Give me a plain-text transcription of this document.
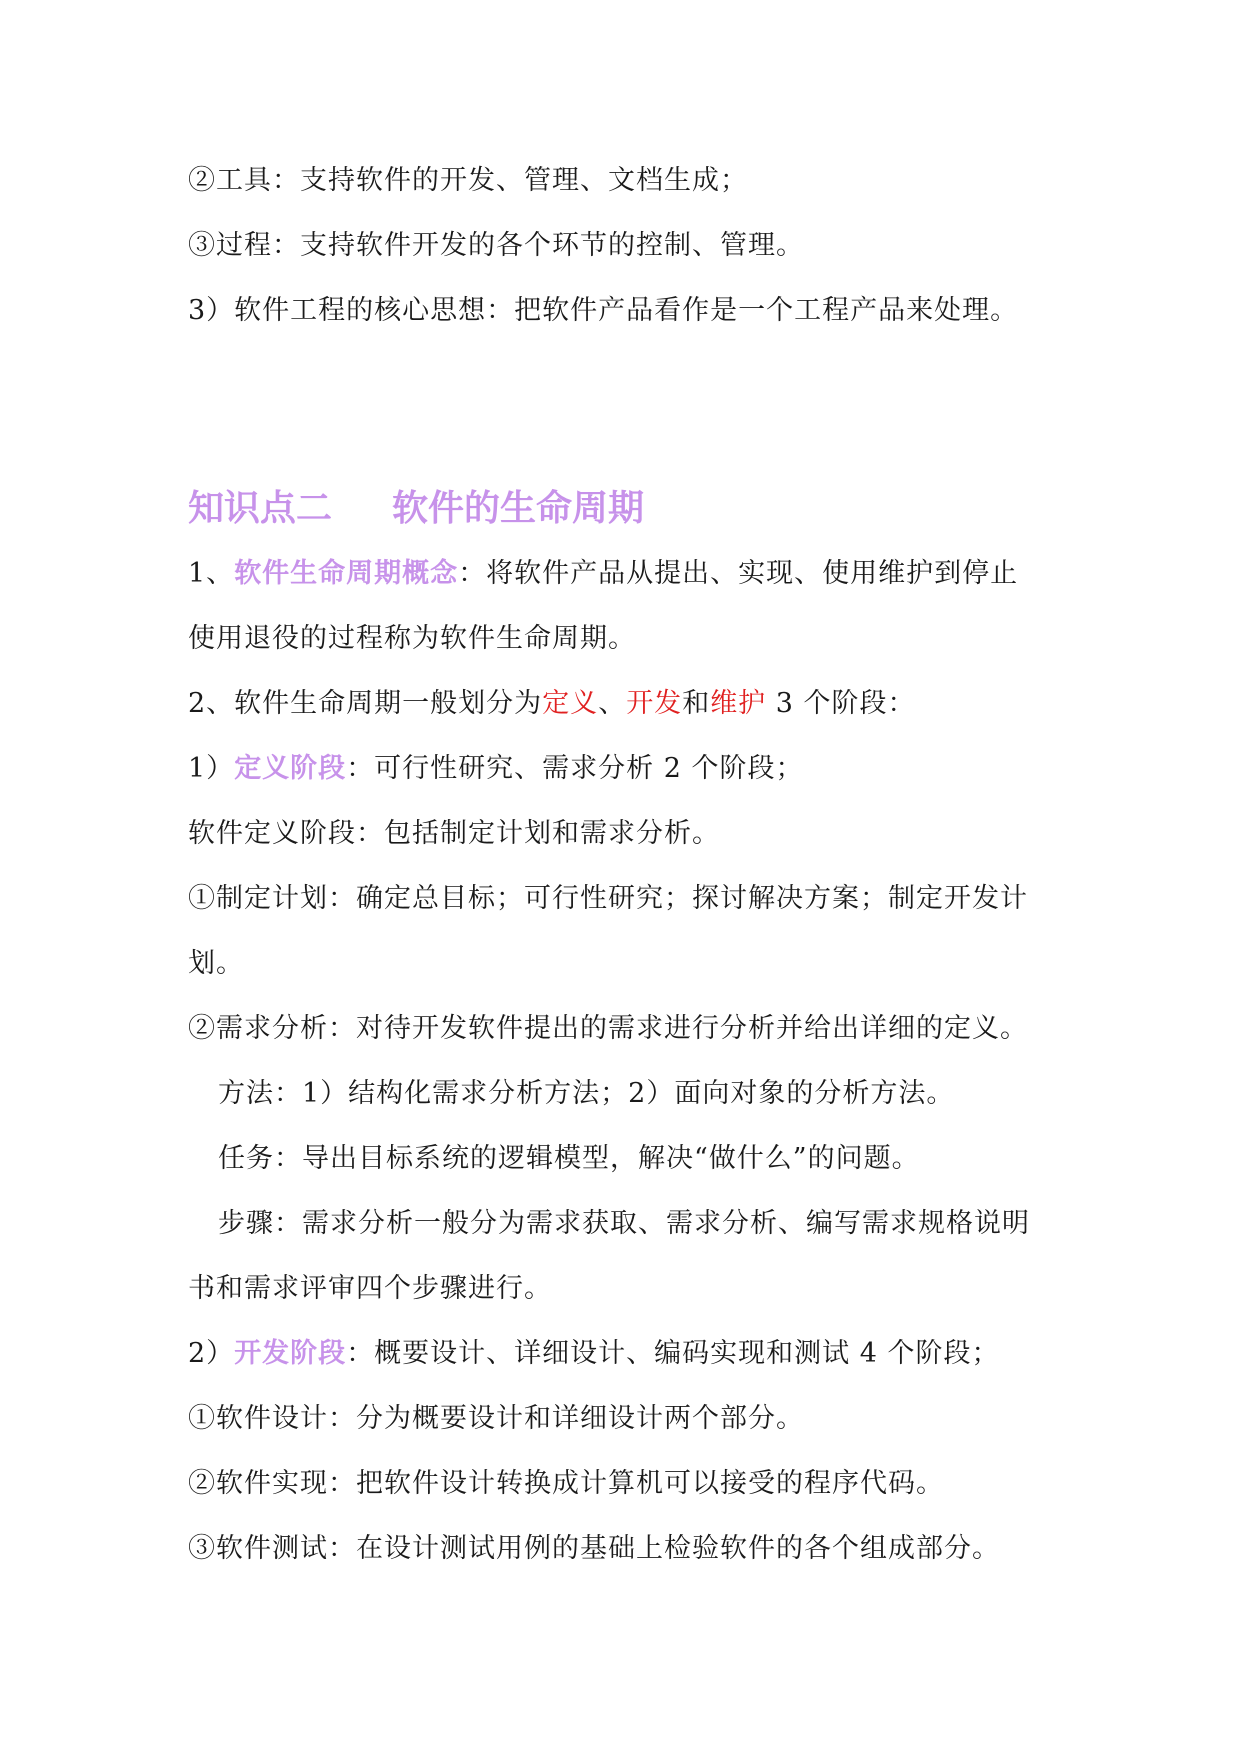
②工具：支持软件的开发、管理、文档生成；
③过程：支持软件开发的各个环节的控制、管理。
3）软件工程的核心思想：把软件产品看作是一个工程产品来处理。
知识点二 软件的生命周期
1、软件生命周期概念：将软件产品从提出、实现、使用维护到停止
使用退役的过程称为软件生命周期。
2、软件生命周期一般划分为定义、开发和维护 3 个阶段：
1）定义阶段：可行性研究、需求分析 2 个阶段；
软件定义阶段：包括制定计划和需求分析。
①制定计划：确定总目标；可行性研究；探讨解决方案；制定开发计
划。
②需求分析：对待开发软件提出的需求进行分析并给出详细的定义。
方法：1）结构化需求分析方法；2）面向对象的分析方法。
任务：导出目标系统的逻辑模型，解决“做什么”的问题。
步骤：需求分析一般分为需求获取、需求分析、编写需求规格说明
书和需求评审四个步骤进行。
2）开发阶段：概要设计、详细设计、编码实现和测试 4 个阶段；
①软件设计：分为概要设计和详细设计两个部分。
②软件实现：把软件设计转换成计算机可以接受的程序代码。
③软件测试：在设计测试用例的基础上检验软件的各个组成部分。
